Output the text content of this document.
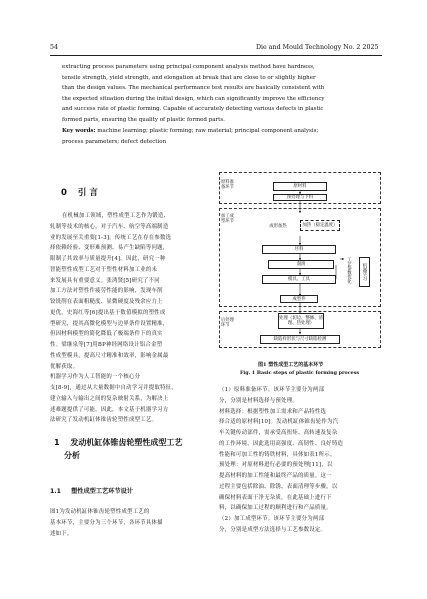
54	Die and Mould Technology No. 2 2025
extracting process parameters using principal component analysis method have hardness,
tensile strength, yield strength, and elongation at break that are close to or slightly higher
than the design values. The mechanical performance test results are basically consistent with
the expected situation during the initial design, which can significantly improve the efficiency
and success rate of plastic forming. Capable of accurately detecting various defects in plastic
formed parts, ensuring the quality of plastic formed parts.
Key words: machine learning; plastic forming; raw material; principal component analysis;
process parameters; defect detection
0 引 言
在机械加工领域，塑性成型工艺作为锻造、
轧制等技术的核心，对于汽车、航空等高端制造
业的发展至关重要[1-3]。传统工艺在存在参数选
择依赖经验、变形难预测、易产生缺陷等问题，
限制了其效率与质量提升[4]。因此，研究一种
智能塑性成型工艺对于塑性材料加工业的未
来发展具有重要意义。张鸿贤[5]研究了不同
加工方法对塑性件疲劳性能的影响，发现车削
铰铣削在表面粗糙度、显微硬度及残余应力上
更优。史海红等[6]提出基于数值模拟的塑性成
型研究，提其高微化模型与边界条件设置精准，
但因材料模型的简化降低了极端条件下的真实
性。梁继泉等[7]用BP神经网络设计铝合金塑
性成型模具，提高尺寸精准和效率，影响金属最
优解获取。
机器学习作为人工智能的一个核心分
支[8-9]，通过从大量数据中自动学习并提取特征，
建立输入与输出之间的复杂映射关系，为解决上
述难题提供了可能。因此，本文基于机器学习方
法研究了发动机缸体锥齿轮塑性成型工艺。
1 发动机缸体锥齿轮塑性成型工艺
分析
1.1 塑性成型工艺环节设计
图1为发动机缸体锥齿轮塑性成型工艺的
基本环节，主要分为三个环节，各环节具体描
述如下。
原料准备环节
加工成型环节
后处理环节
原材料
预处理与下料
成形加热	加热（稳定温度）
坯料
润滑
模具，工具	工艺参数优化	机器学习
成型件
处理（切边、整修、清理、热处理）
缺陷样形状与尺寸缺陷检测
图1 塑性成型工艺的基本环节
Fig. 1 Basic steps of plastic forming process
（1）原料准备环节。该环节主要分为两部
分，分别是材料选择与预处理。
材料选择：根据塑性加工需求和产品特性选
择合适的原材料[10]。发动机缸体锥齿轮作为汽
车关键传动部件，需承受高扭矩、高转速及复杂
的工作环境，因此选用高强度、高韧性、良好铸造
性能和可加工性的铸铁材料，具体如表1所示。
预处理：对原材料进行必要的预处理[11]，以
提高材料的加工性能和最终产品的质量。这一
过程主要包括除油、除锈、表面清理等步骤，以
确保材料表面干净无杂质，在此基础上进行下
料，以确保加工过程的顺利进行和产品质量。
（2）加工成型环节。该环节主要分为两部
分，分别是成型方法选择与工艺参数设定。
